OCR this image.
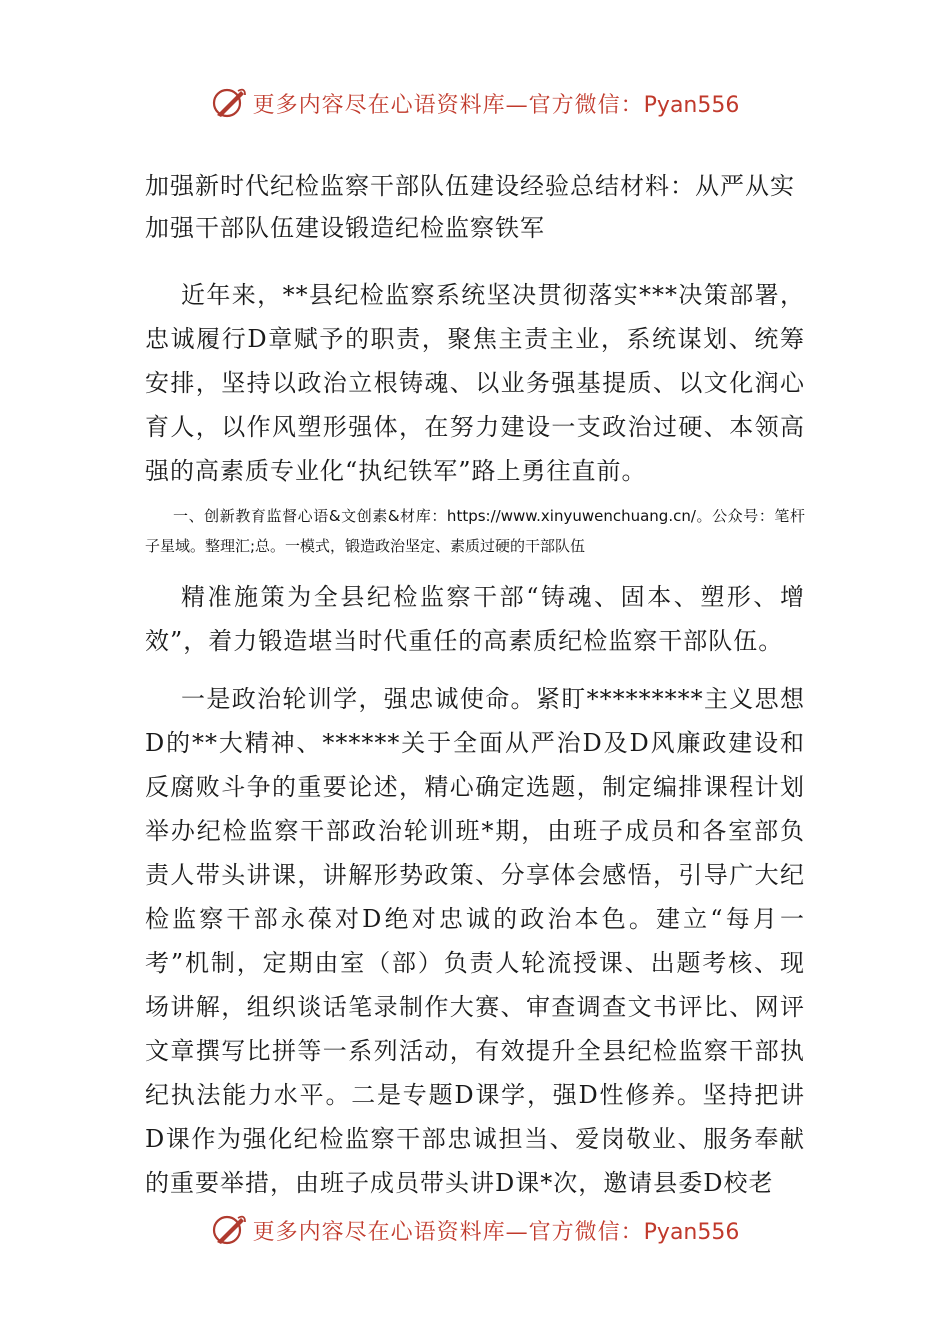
更多内容尽在心语资料库—官方微信：Pyan556
加强新时代纪检监察干部队伍建设经验总结材料：从严从实加强干部队伍建设锻造纪检监察铁军

近年来，**县纪检监察系统坚决贯彻落实***决策部署，忠诚履行D章赋予的职责，聚焦主责主业，系统谋划、统筹安排，坚持以政治立根铸魂、以业务强基提质、以文化润心育人，以作风塑形强体，在努力建设一支政治过硬、本领高强的高素质专业化“执纪铁军”路上勇往直前。

一、创新教育监督心语&文创素&材库：https://www.xinyuwenchuang.cn/。公众号：笔杆子星域。整理汇;总。一模式，锻造政治坚定、素质过硬的干部队伍

精准施策为全县纪检监察干部“铸魂、固本、塑形、增效”，着力锻造堪当时代重任的高素质纪检监察干部队伍。

一是政治轮训学，强忠诚使命。紧盯*********主义思想D的**大精神、******关于全面从严治D及D风廉政建设和反腐败斗争的重要论述，精心确定选题，制定编排课程计划举办纪检监察干部政治轮训班*期，由班子成员和各室部负责人带头讲课，讲解形势政策、分享体会感悟，引导广大纪检监察干部永葆对D绝对忠诚的政治本色。建立“每月一考”机制，定期由室（部）负责人轮流授课、出题考核、现场讲解，组织谈话笔录制作大赛、审查调查文书评比、网评文章撰写比拼等一系列活动，有效提升全县纪检监察干部执纪执法能力水平。二是专题D课学，强D性修养。坚持把讲D课作为强化纪检监察干部忠诚担当、爱岗敬业、服务奉献的重要举措，由班子成员带头讲D课*次，邀请县委D校老

更多内容尽在心语资料库—官方微信：Pyan556
